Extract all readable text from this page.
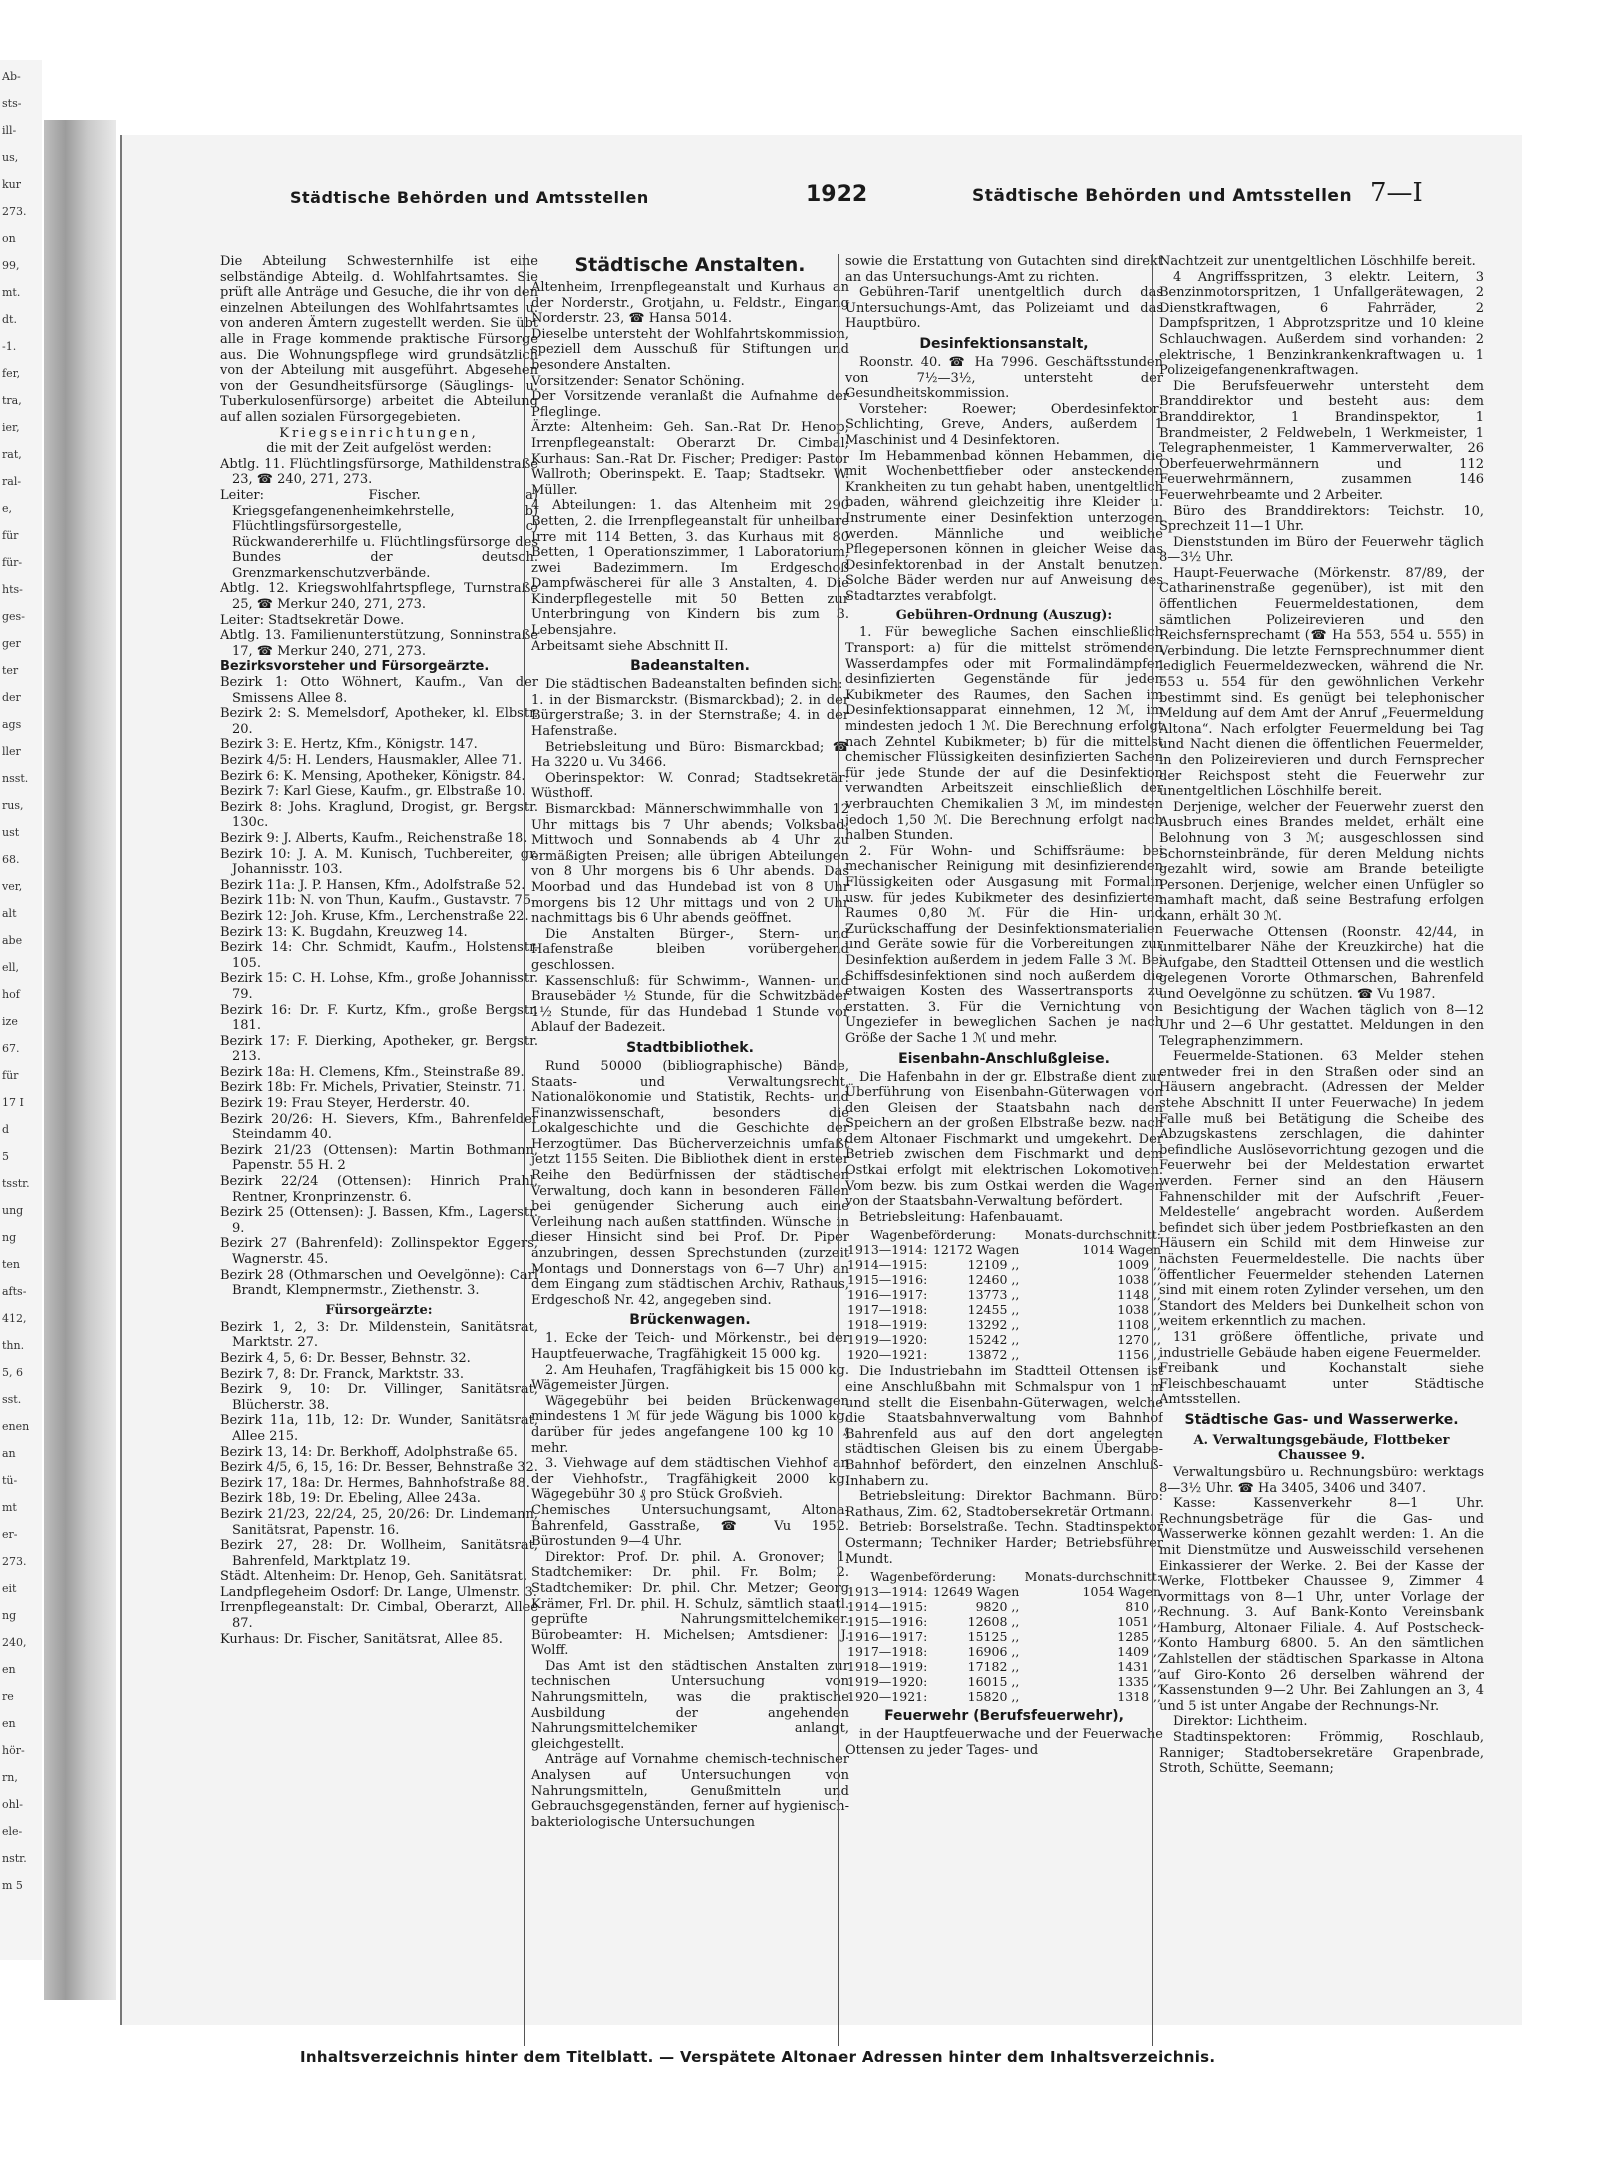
Ab-
sts-
ill-
us,
kur
273.
on
99,
mt.
dt.
-1.
fer,
tra,
ier,
rat,
ral-
e,
für
für-
hts-
ges-
ger
ter
der
ags
ller
nsst.
rus,
ust
68.
ver,
alt
abe
ell,
hof
ize
67.
für
17 I
d
5
tsstr.
ung
ng
ten
afts-
412,
thn.
5, 6
sst.
enen
an
tü-
mt
er-
273.
eit
ng
240,
en
re
en
hör-
rn,
ohl-
ele-
nstr.
m 5
Städtische Behörden und Amtsstellen	1922	Städtische Behörden und Amtsstellen 7—I

Die Abteilung Schwesternhilfe ist eine selbständige Abteilg. d. Wohlfahrtsamtes. Sie prüft alle Anträge und Gesuche, die ihr von den einzelnen Abteilungen des Wohlfahrtsamtes u. von anderen Ämtern zugestellt werden. Sie übt alle in Frage kommende praktische Fürsorge aus. Die Wohnungspflege wird grundsätzlich von der Abteilung mit ausgeführt. Abgesehen von der Gesundheitsfürsorge (Säuglings- u. Tuberkulosenfürsorge) arbeitet die Abteilung auf allen sozialen Fürsorgegebieten.

Kriegseinrichtungen,

die mit der Zeit aufgelöst werden:

Abtlg. 11. Flüchtlingsfürsorge, Mathildenstraße 23, ☎ 240, 271, 273.

Leiter: Fischer. a) Kriegsgefangenenheimkehrstelle, b) Flüchtlingsfürsorgestelle, c) Rückwandererhilfe u. Flüchtlingsfürsorge des Bundes der deutsch. Grenzmarkenschutzverbände.

Abtlg. 12. Kriegswohlfahrtspflege, Turnstraße 25, ☎ Merkur 240, 271, 273.

Leiter: Stadtsekretär Dowe.

Abtlg. 13. Familienunterstützung, Sonninstraße 17, ☎ Merkur 240, 271, 273.

Bezirksvorsteher und Fürsorgeärzte.

Bezirk 1: Otto Wöhnert, Kaufm., Van der Smissens Allee 8.

Bezirk 2: S. Memelsdorf, Apotheker, kl. Elbstr. 20.

Bezirk 3: E. Hertz, Kfm., Königstr. 147.

Bezirk 4/5: H. Lenders, Hausmakler, Allee 71.

Bezirk 6: K. Mensing, Apotheker, Königstr. 84.

Bezirk 7: Karl Giese, Kaufm., gr. Elbstraße 10.

Bezirk 8: Johs. Kraglund, Drogist, gr. Bergstr. 130c.

Bezirk 9: J. Alberts, Kaufm., Reichenstraße 18.

Bezirk 10: J. A. M. Kunisch, Tuchbereiter, gr. Johannisstr. 103.

Bezirk 11a: J. P. Hansen, Kfm., Adolfstraße 52.

Bezirk 11b: N. von Thun, Kaufm., Gustavstr. 75.

Bezirk 12: Joh. Kruse, Kfm., Lerchenstraße 22.

Bezirk 13: K. Bugdahn, Kreuzweg 14.

Bezirk 14: Chr. Schmidt, Kaufm., Holstenstr. 105.

Bezirk 15: C. H. Lohse, Kfm., große Johannisstr. 79.

Bezirk 16: Dr. F. Kurtz, Kfm., große Bergstr. 181.

Bezirk 17: F. Dierking, Apotheker, gr. Bergstr. 213.

Bezirk 18a: H. Clemens, Kfm., Steinstraße 89.

Bezirk 18b: Fr. Michels, Privatier, Steinstr. 71.

Bezirk 19: Frau Steyer, Herderstr. 40.

Bezirk 20/26: H. Sievers, Kfm., Bahrenfelder Steindamm 40.

Bezirk 21/23 (Ottensen): Martin Bothmann, Papenstr. 55 H. 2

Bezirk 22/24 (Ottensen): Hinrich Prahl, Rentner, Kronprinzenstr. 6.

Bezirk 25 (Ottensen): J. Bassen, Kfm., Lagerstr. 9.

Bezirk 27 (Bahrenfeld): Zollinspektor Eggers, Wagnerstr. 45.

Bezirk 28 (Othmarschen und Oevelgönne): Carl Brandt, Klempnermstr., Ziethenstr. 3.

Fürsorgeärzte:

Bezirk 1, 2, 3: Dr. Mildenstein, Sanitätsrat, Marktstr. 27.

Bezirk 4, 5, 6: Dr. Besser, Behnstr. 32.

Bezirk 7, 8: Dr. Franck, Marktstr. 33.

Bezirk 9, 10: Dr. Villinger, Sanitätsrat, Blücherstr. 38.

Bezirk 11a, 11b, 12: Dr. Wunder, Sanitätsrat, Allee 215.

Bezirk 13, 14: Dr. Berkhoff, Adolphstraße 65.

Bezirk 4/5, 6, 15, 16: Dr. Besser, Behnstraße 32.

Bezirk 17, 18a: Dr. Hermes, Bahnhofstraße 88.

Bezirk 18b, 19: Dr. Ebeling, Allee 243a.

Bezirk 21/23, 22/24, 25, 20/26: Dr. Lindemann, Sanitätsrat, Papenstr. 16.

Bezirk 27, 28: Dr. Wollheim, Sanitätsrat, Bahrenfeld, Marktplatz 19.

Städt. Altenheim: Dr. Henop, Geh. Sanitätsrat.

Landpflegeheim Osdorf: Dr. Lange, Ulmenstr. 3.

Irrenpflegeanstalt: Dr. Cimbal, Oberarzt, Allee 87.

Kurhaus: Dr. Fischer, Sanitätsrat, Allee 85.

Städtische Anstalten.

Altenheim, Irrenpflegeanstalt und Kurhaus an der Norderstr., Grotjahn, u. Feldstr., Eingang Norderstr. 23, ☎ Hansa 5014.

Dieselbe untersteht der Wohlfahrtskommission, speziell dem Ausschuß für Stiftungen und besondere Anstalten.

Vorsitzender: Senator Schöning.

Der Vorsitzende veranlaßt die Aufnahme der Pfleglinge.

Ärzte: Altenheim: Geh. San.-Rat Dr. Henop; Irrenpflegeanstalt: Oberarzt Dr. Cimbal; Kurhaus: San.-Rat Dr. Fischer; Prediger: Pastor Wallroth; Oberinspekt. E. Taap; Stadtsekr. W. Müller.

4 Abteilungen: 1. das Altenheim mit 290 Betten, 2. die Irrenpflegeanstalt für unheilbare Irre mit 114 Betten, 3. das Kurhaus mit 80 Betten, 1 Operationszimmer, 1 Laboratorium, zwei Badezimmern. Im Erdgeschoß Dampfwäscherei für alle 3 Anstalten, 4. Die Kinderpflegestelle mit 50 Betten zur Unterbringung von Kindern bis zum 3. Lebensjahre.

Arbeitsamt siehe Abschnitt II.

Badeanstalten.

Die städtischen Badeanstalten befinden sich:

1. in der Bismarckstr. (Bismarckbad); 2. in der Bürgerstraße; 3. in der Sternstraße; 4. in der Hafenstraße.

Betriebsleitung und Büro: Bismarckbad; ☎ Ha 3220 u. Vu 3466.

Oberinspektor: W. Conrad; Stadtsekretär: Wüsthoff.

Bismarckbad: Männerschwimmhalle von 12 Uhr mittags bis 7 Uhr abends; Volksbad: Mittwoch und Sonnabends ab 4 Uhr zu ermäßigten Preisen; alle übrigen Abteilungen von 8 Uhr morgens bis 6 Uhr abends. Das Moorbad und das Hundebad ist von 8 Uhr morgens bis 12 Uhr mittags und von 2 Uhr nachmittags bis 6 Uhr abends geöffnet.

Die Anstalten Bürger-, Stern- und Hafenstraße bleiben vorübergehend geschlossen.

Kassenschluß: für Schwimm-, Wannen- und Brausebäder ½ Stunde, für die Schwitzbäder 1½ Stunde, für das Hundebad 1 Stunde vor Ablauf der Badezeit.

Stadtbibliothek.

Rund 50000 (bibliographische) Bände, Staats- und Verwaltungsrecht, Nationalökonomie und Statistik, Rechts- und Finanzwissenschaft, besonders die Lokalgeschichte und die Geschichte der Herzogtümer. Das Bücherverzeichnis umfaßt jetzt 1155 Seiten. Die Bibliothek dient in erster Reihe den Bedürfnissen der städtischen Verwaltung, doch kann in besonderen Fällen bei genügender Sicherung auch eine Verleihung nach außen stattfinden. Wünsche in dieser Hinsicht sind bei Prof. Dr. Piper anzubringen, dessen Sprechstunden (zurzeit Montags und Donnerstags von 6—7 Uhr) an dem Eingang zum städtischen Archiv, Rathaus, Erdgeschoß Nr. 42, angegeben sind.

Brückenwagen.

1. Ecke der Teich- und Mörkenstr., bei der Hauptfeuerwache, Tragfähigkeit 15 000 kg.

2. Am Heuhafen, Tragfähigkeit bis 15 000 kg. Wägemeister Jürgen.

Wägegebühr bei beiden Brückenwagen mindestens 1 ℳ für jede Wägung bis 1000 kg, darüber für jedes angefangene 100 kg 10 ₰ mehr.

3. Viehwage auf dem städtischen Viehhof an der Viehhofstr., Tragfähigkeit 2000 kg. Wägegebühr 30 ₰ pro Stück Großvieh.

Chemisches Untersuchungsamt, Altona-Bahrenfeld, Gasstraße, ☎ Vu 1952. Bürostunden 9—4 Uhr.

Direktor: Prof. Dr. phil. A. Gronover; 1. Stadtchemiker: Dr. phil. Fr. Bolm; 2. Stadtchemiker: Dr. phil. Chr. Metzer; Georg Krämer, Frl. Dr. phil. H. Schulz, sämtlich staatl. geprüfte Nahrungsmittelchemiker. Bürobeamter: H. Michelsen; Amtsdiener: J. Wolff.

Das Amt ist den städtischen Anstalten zur technischen Untersuchung von Nahrungsmitteln, was die praktische Ausbildung der angehenden Nahrungsmittelchemiker anlangt, gleichgestellt.

Anträge auf Vornahme chemisch-technischer Analysen auf Untersuchungen von Nahrungsmitteln, Genußmitteln und Gebrauchsgegenständen, ferner auf hygienisch-bakteriologische Untersuchungen

sowie die Erstattung von Gutachten sind direkt an das Untersuchungs-Amt zu richten.

Gebühren-Tarif unentgeltlich durch das Untersuchungs-Amt, das Polizeiamt und das Hauptbüro.

Desinfektionsanstalt,

Roonstr. 40. ☎ Ha 7996. Geschäftsstunden von 7½—3½, untersteht der Gesundheitskommission.

Vorsteher: Roewer; Oberdesinfektor: Schlichting, Greve, Anders, außerdem 1 Maschinist und 4 Desinfektoren.

Im Hebammenbad können Hebammen, die mit Wochenbettfieber oder ansteckenden Krankheiten zu tun gehabt haben, unentgeltlich baden, während gleichzeitig ihre Kleider u. Instrumente einer Desinfektion unterzogen werden. Männliche und weibliche Pflegepersonen können in gleicher Weise das Desinfektorenbad in der Anstalt benutzen. Solche Bäder werden nur auf Anweisung des Stadtarztes verabfolgt.

Gebühren-Ordnung (Auszug):

1. Für bewegliche Sachen einschließlich Transport: a) für die mittelst strömenden Wasserdampfes oder mit Formalindämpfen desinfizierten Gegenstände für jeden Kubikmeter des Raumes, den Sachen im Desinfektionsapparat einnehmen, 12 ℳ, im mindesten jedoch 1 ℳ. Die Berechnung erfolgt nach Zehntel Kubikmeter; b) für die mittelst chemischer Flüssigkeiten desinfizierten Sachen für jede Stunde der auf die Desinfektion verwandten Arbeitszeit einschließlich der verbrauchten Chemikalien 3 ℳ, im mindesten jedoch 1,50 ℳ. Die Berechnung erfolgt nach halben Stunden.

2. Für Wohn- und Schiffsräume: bei mechanischer Reinigung mit desinfizierenden Flüssigkeiten oder Ausgasung mit Formalin usw. für jedes Kubikmeter des desinfizierten Raumes 0,80 ℳ. Für die Hin- und Zurückschaffung der Desinfektionsmaterialien und Geräte sowie für die Vorbereitungen zur Desinfektion außerdem in jedem Falle 3 ℳ. Bei Schiffsdesinfektionen sind noch außerdem die etwaigen Kosten des Wassertransports zu erstatten. 3. Für die Vernichtung von Ungeziefer in beweglichen Sachen je nach Größe der Sache 1 ℳ und mehr.

Eisenbahn-Anschlußgleise.

Die Hafenbahn in der gr. Elbstraße dient zur Überführung von Eisenbahn-Güterwagen von den Gleisen der Staatsbahn nach den Speichern an der großen Elbstraße bezw. nach dem Altonaer Fischmarkt und umgekehrt. Der Betrieb zwischen dem Fischmarkt und dem Ostkai erfolgt mit elektrischen Lokomotiven. Vom bezw. bis zum Ostkai werden die Wagen von der Staatsbahn-Verwaltung befördert.

Betriebsleitung: Hafenbauamt.

Wagenbeförderung:		Monats-durchschnitt:
1913—1914:	12172 Wagen	1014 Wagen
1914—1915:	12109 ,,	1009 ,,
1915—1916:	12460 ,,	1038 ,,
1916—1917:	13773 ,,	1148 ,,
1917—1918:	12455 ,,	1038 ,,
1918—1919:	13292 ,,	1108 ,,
1919—1920:	15242 ,,	1270 ,,
1920—1921:	13872 ,,	1156 ,,

Die Industriebahn im Stadtteil Ottensen ist eine Anschlußbahn mit Schmalspur von 1 m und stellt die Eisenbahn-Güterwagen, welche die Staatsbahnverwaltung vom Bahnhof Bahrenfeld aus auf den dort angelegten städtischen Gleisen bis zu einem Übergabe-Bahnhof befördert, den einzelnen Anschluß-Inhabern zu.

Betriebsleitung: Direktor Bachmann. Büro: Rathaus, Zim. 62, Stadtobersekretär Ortmann.

Betrieb: Borselstraße. Techn. Stadtinspektor Ostermann; Techniker Harder; Betriebsführer Mundt.

Wagenbeförderung:		Monats-durchschnitt:
1913—1914:	12649 Wagen	1054 Wagen
1914—1915:	9820 ,,	810 ,,
1915—1916:	12608 ,,	1051 ,,
1916—1917:	15125 ,,	1285 ,,
1917—1918:	16906 ,,	1409 ,,
1918—1919:	17182 ,,	1431 ,,
1919—1920:	16015 ,,	1335 ,,
1920—1921:	15820 ,,	1318 ,,
Feuerwehr (Berufsfeuerwehr),

in der Hauptfeuerwache und der Feuerwache Ottensen zu jeder Tages- und

Nachtzeit zur unentgeltlichen Löschhilfe bereit.

4 Angriffsspritzen, 3 elektr. Leitern, 3 Benzinmotorspritzen, 1 Unfallgerätewagen, 2 Dienstkraftwagen, 6 Fahrräder, 2 Dampfspritzen, 1 Abprotzspritze und 10 kleine Schlauchwagen. Außerdem sind vorhanden: 2 elektrische, 1 Benzinkrankenkraftwagen u. 1 Polizeigefangenenkraftwagen.

Die Berufsfeuerwehr untersteht dem Branddirektor und besteht aus: dem Branddirektor, 1 Brandinspektor, 1 Brandmeister, 2 Feldwebeln, 1 Werkmeister, 1 Telegraphenmeister, 1 Kammerverwalter, 26 Oberfeuerwehrmännern und 112 Feuerwehrmännern, zusammen 146 Feuerwehrbeamte und 2 Arbeiter.

Büro des Branddirektors: Teichstr. 10, Sprechzeit 11—1 Uhr.

Dienststunden im Büro der Feuerwehr täglich 8—3½ Uhr.

Haupt-Feuerwache (Mörkenstr. 87/89, der Catharinenstraße gegenüber), ist mit den öffentlichen Feuermeldestationen, dem sämtlichen Polizeirevieren und den Reichsfernsprechamt (☎ Ha 553, 554 u. 555) in Verbindung. Die letzte Fernsprechnummer dient lediglich Feuermeldezwecken, während die Nr. 553 u. 554 für den gewöhnlichen Verkehr bestimmt sind. Es genügt bei telephonischer Meldung auf dem Amt der Anruf „Feuermeldung Altona“. Nach erfolgter Feuermeldung bei Tag und Nacht dienen die öffentlichen Feuermelder, in den Polizeirevieren und durch Fernsprecher der Reichspost steht die Feuerwehr zur unentgeltlichen Löschhilfe bereit.

Derjenige, welcher der Feuerwehr zuerst den Ausbruch eines Brandes meldet, erhält eine Belohnung von 3 ℳ; ausgeschlossen sind Schornsteinbrände, für deren Meldung nichts gezahlt wird, sowie am Brande beteiligte Personen. Derjenige, welcher einen Unfügler so namhaft macht, daß seine Bestrafung erfolgen kann, erhält 30 ℳ.

Feuerwache Ottensen (Roonstr. 42/44, in unmittelbarer Nähe der Kreuzkirche) hat die Aufgabe, den Stadtteil Ottensen und die westlich gelegenen Vororte Othmarschen, Bahrenfeld und Oevelgönne zu schützen. ☎ Vu 1987.

Besichtigung der Wachen täglich von 8—12 Uhr und 2—6 Uhr gestattet. Meldungen in den Telegraphenzimmern.

Feuermelde-Stationen. 63 Melder stehen entweder frei in den Straßen oder sind an Häusern angebracht. (Adressen der Melder stehe Abschnitt II unter Feuerwache) In jedem Falle muß bei Betätigung die Scheibe des Abzugskastens zerschlagen, die dahinter befindliche Auslösevorrichtung gezogen und die Feuerwehr bei der Meldestation erwartet werden. Ferner sind an den Häusern Fahnenschilder mit der Aufschrift ‚Feuer-Meldestelle‘ angebracht worden. Außerdem befindet sich über jedem Postbriefkasten an den Häusern ein Schild mit dem Hinweise zur nächsten Feuermeldestelle. Die nachts über öffentlicher Feuermelder stehenden Laternen sind mit einem roten Zylinder versehen, um den Standort des Melders bei Dunkelheit schon von weitem erkenntlich zu machen.

131 größere öffentliche, private und industrielle Gebäude haben eigene Feuermelder.

Freibank und Kochanstalt siehe Fleischbeschauamt unter Städtische Amtsstellen.

Städtische Gas- und Wasserwerke.
A. Verwaltungsgebäude, Flottbeker Chaussee 9.

Verwaltungsbüro u. Rechnungsbüro: werktags 8—3½ Uhr. ☎ Ha 3405, 3406 und 3407.

Kasse: Kassenverkehr 8—1 Uhr. Rechnungsbeträge für die Gas- und Wasserwerke können gezahlt werden: 1. An die mit Dienstmütze und Ausweisschild versehenen Einkassierer der Werke. 2. Bei der Kasse der Werke, Flottbeker Chaussee 9, Zimmer 4 vormittags von 8—1 Uhr, unter Vorlage der Rechnung. 3. Auf Bank-Konto Vereinsbank Hamburg, Altonaer Filiale. 4. Auf Postscheck-Konto Hamburg 6800. 5. An den sämtlichen Zahlstellen der städtischen Sparkasse in Altona auf Giro-Konto 26 derselben während der Kassenstunden 9—2 Uhr. Bei Zahlungen an 3, 4 und 5 ist unter Angabe der Rechnungs-Nr.

Direktor: Lichtheim.

Stadtinspektoren: Frömmig, Roschlaub, Ranniger; Stadtobersekretäre Grapenbrade, Stroth, Schütte, Seemann;

Inhaltsverzeichnis hinter dem Titelblatt. — Verspätete Altonaer Adressen hinter dem Inhaltsverzeichnis.
